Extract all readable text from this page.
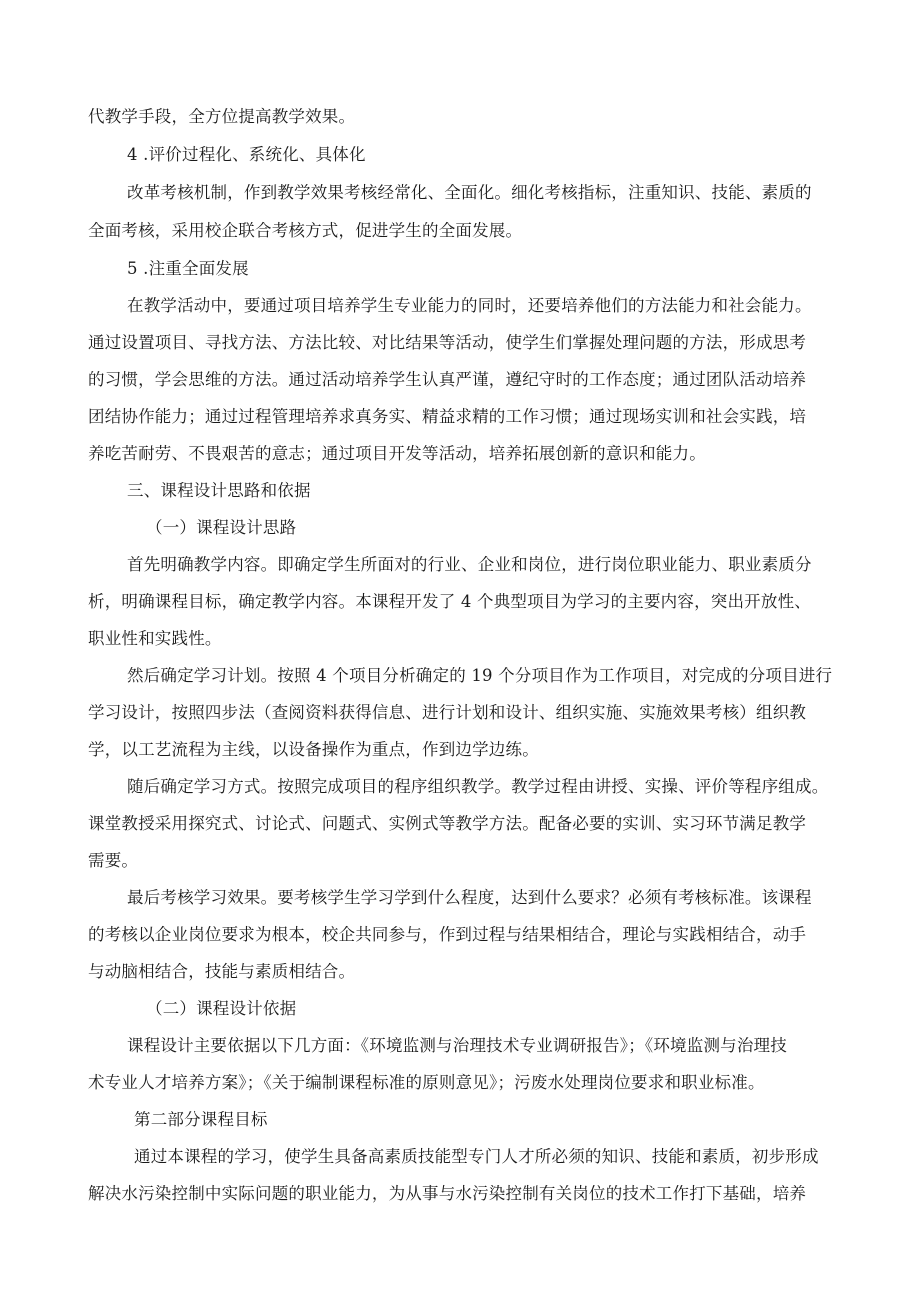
代教学手段，全方位提高教学效果。
4 .评价过程化、系统化、具体化
改革考核机制，作到教学效果考核经常化、全面化。细化考核指标，注重知识、技能、素质的
全面考核，采用校企联合考核方式，促进学生的全面发展。
5 .注重全面发展
在教学活动中，要通过项目培养学生专业能力的同时，还要培养他们的方法能力和社会能力。
通过设置项目、寻找方法、方法比较、对比结果等活动，使学生们掌握处理问题的方法，形成思考
的习惯，学会思维的方法。通过活动培养学生认真严谨，遵纪守时的工作态度；通过团队活动培养
团结协作能力；通过过程管理培养求真务实、精益求精的工作习惯；通过现场实训和社会实践，培
养吃苦耐劳、不畏艰苦的意志；通过项目开发等活动，培养拓展创新的意识和能力。
三、课程设计思路和依据
（一）课程设计思路
首先明确教学内容。即确定学生所面对的行业、企业和岗位，进行岗位职业能力、职业素质分
析，明确课程目标，确定教学内容。本课程开发了 4 个典型项目为学习的主要内容，突出开放性、
职业性和实践性。
然后确定学习计划。按照 4 个项目分析确定的 19 个分项目作为工作项目，对完成的分项目进行
学习设计，按照四步法（查阅资料获得信息、进行计划和设计、组织实施、实施效果考核）组织教
学，以工艺流程为主线，以设备操作为重点，作到边学边练。
随后确定学习方式。按照完成项目的程序组织教学。教学过程由讲授、实操、评价等程序组成。
课堂教授采用探究式、讨论式、问题式、实例式等教学方法。配备必要的实训、实习环节满足教学
需要。
最后考核学习效果。要考核学生学习学到什么程度，达到什么要求？必须有考核标准。该课程
的考核以企业岗位要求为根本，校企共同参与，作到过程与结果相结合，理论与实践相结合，动手
与动脑相结合，技能与素质相结合。
（二）课程设计依据
课程设计主要依据以下几方面：《环境监测与治理技术专业调研报告》；《环境监测与治理技
术专业人才培养方案》；《关于编制课程标准的原则意见》；污废水处理岗位要求和职业标准。
第二部分课程目标
通过本课程的学习，使学生具备高素质技能型专门人才所必须的知识、技能和素质，初步形成
解决水污染控制中实际问题的职业能力，为从事与水污染控制有关岗位的技术工作打下基础，培养
